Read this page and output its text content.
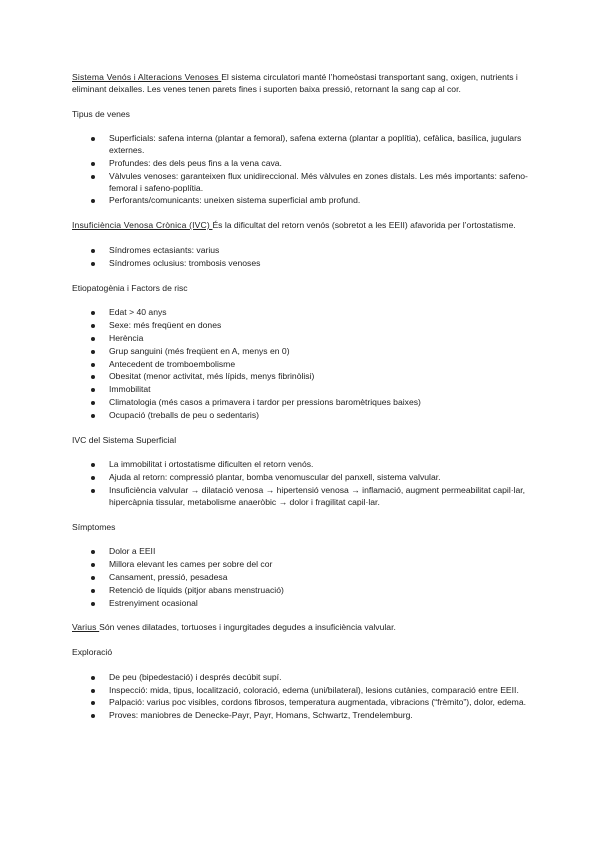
Sistema Venós i Alteracions Venoses El sistema circulatori manté l’homeòstasi transportant sang, oxigen, nutrients i eliminant deixalles. Les venes tenen parets fines i suporten baixa pressió, retornant la sang cap al cor.

Tipus de venes

Superficials: safena interna (plantar a femoral), safena externa (plantar a poplítia), cefàlica, basílica, jugulars externes.
Profundes: des dels peus fins a la vena cava.
Vàlvules venoses: garanteixen flux unidireccional. Més vàlvules en zones distals. Les més importants: safeno-femoral i safeno-poplítia.
Perforants/comunicants: uneixen sistema superficial amb profund.

Insuficiència Venosa Crònica (IVC) És la dificultat del retorn venós (sobretot a les EEII) afavorida per l’ortostatisme.

Síndromes ectasiants: varius
Síndromes oclusius: trombosis venoses

Etiopatogènia i Factors de risc

Edat > 40 anys
Sexe: més freqüent en dones
Herència
Grup sanguini (més freqüent en A, menys en 0)
Antecedent de tromboembolisme
Obesitat (menor activitat, més lípids, menys fibrinòlisi)
Immobilitat
Climatologia (més casos a primavera i tardor per pressions baromètriques baixes)
Ocupació (treballs de peu o sedentaris)

IVC del Sistema Superficial

La immobilitat i ortostatisme dificulten el retorn venós.
Ajuda al retorn: compressió plantar, bomba venomuscular del panxell, sistema valvular.
Insuficiència valvular → dilatació venosa → hipertensió venosa → inflamació, augment permeabilitat capil·lar, hipercàpnia tissular, metabolisme anaeròbic → dolor i fragilitat capil·lar.

Símptomes

Dolor a EEII
Millora elevant les cames per sobre del cor
Cansament, pressió, pesadesa
Retenció de líquids (pitjor abans menstruació)
Estrenyiment ocasional

Varius Són venes dilatades, tortuoses i ingurgitades degudes a insuficiència valvular.

Exploració

De peu (bipedestació) i després decúbit supí.
Inspecció: mida, tipus, localització, coloració, edema (uni/bilateral), lesions cutànies, comparació entre EEII.
Palpació: varius poc visibles, cordons fibrosos, temperatura augmentada, vibracions (“frèmito”), dolor, edema.
Proves: maniobres de Denecke-Payr, Payr, Homans, Schwartz, Trendelemburg.
